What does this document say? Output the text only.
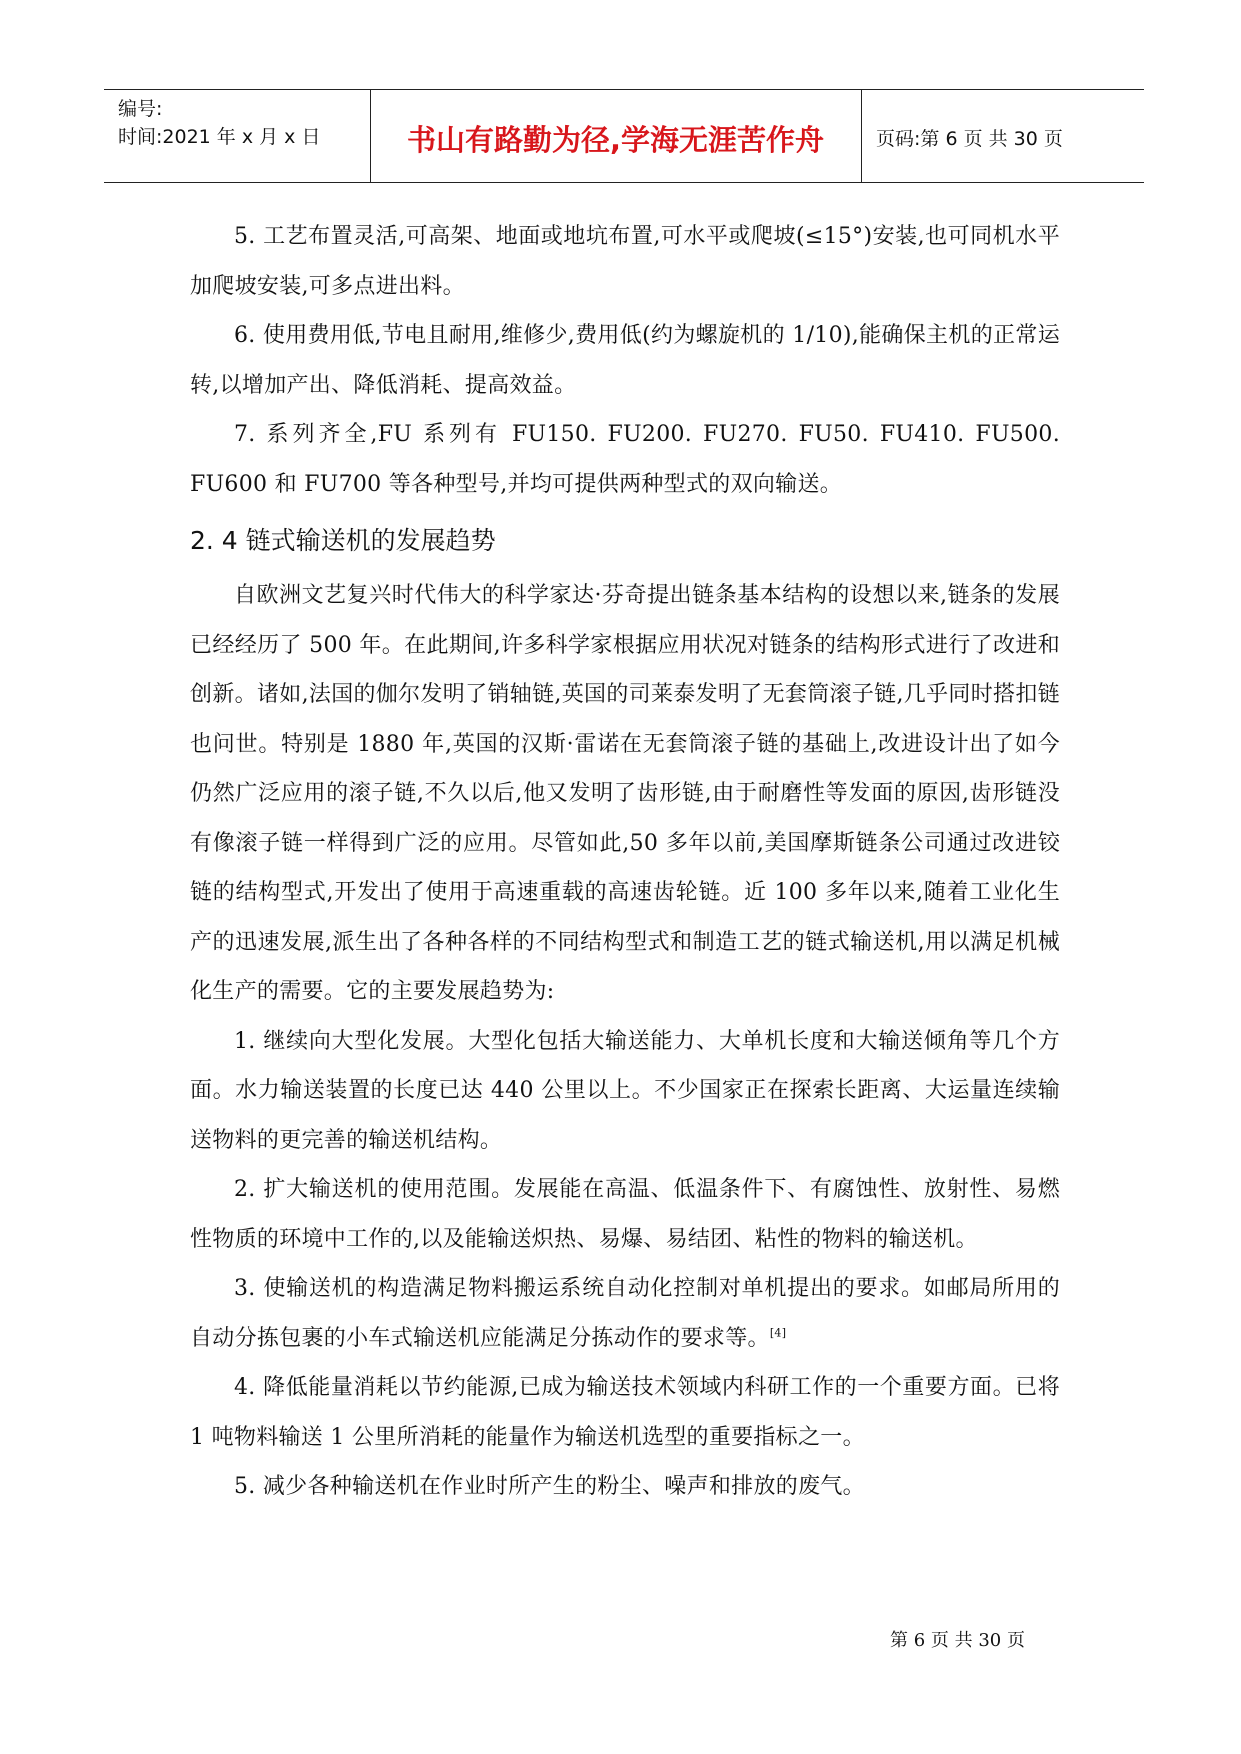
编号:
时间:2021 年 x 月 x 日	书山有路勤为径,学海无涯苦作舟	页码:第 6 页 共 30 页

5. 工艺布置灵活,可高架、地面或地坑布置,可水平或爬坡(≤15°)安装,也可同机水平加爬坡安装,可多点进出料。

6. 使用费用低,节电且耐用,维修少,费用低(约为螺旋机的 1/10),能确保主机的正常运转,以增加产出、降低消耗、提高效益。

7. 系列齐全,FU 系列有 FU150. FU200. FU270. FU50. FU410. FU500. FU600 和 FU700 等各种型号,并均可提供两种型式的双向输送。

2. 4 链式输送机的发展趋势

自欧洲文艺复兴时代伟大的科学家达·芬奇提出链条基本结构的设想以来,链条的发展已经经历了 500 年。在此期间,许多科学家根据应用状况对链条的结构形式进行了改进和创新。诸如,法国的伽尔发明了销轴链,英国的司莱泰发明了无套筒滚子链,几乎同时搭扣链也问世。特别是 1880 年,英国的汉斯·雷诺在无套筒滚子链的基础上,改进设计出了如今仍然广泛应用的滚子链,不久以后,他又发明了齿形链,由于耐磨性等发面的原因,齿形链没有像滚子链一样得到广泛的应用。尽管如此,50 多年以前,美国摩斯链条公司通过改进铰链的结构型式,开发出了使用于高速重载的高速齿轮链。近 100 多年以来,随着工业化生产的迅速发展,派生出了各种各样的不同结构型式和制造工艺的链式输送机,用以满足机械化生产的需要。它的主要发展趋势为:

1. 继续向大型化发展。大型化包括大输送能力、大单机长度和大输送倾角等几个方面。水力输送装置的长度已达 440 公里以上。不少国家正在探索长距离、大运量连续输送物料的更完善的输送机结构。

2. 扩大输送机的使用范围。发展能在高温、低温条件下、有腐蚀性、放射性、易燃性物质的环境中工作的,以及能输送炽热、易爆、易结团、粘性的物料的输送机。

3. 使输送机的构造满足物料搬运系统自动化控制对单机提出的要求。如邮局所用的自动分拣包裹的小车式输送机应能满足分拣动作的要求等。[4]

4. 降低能量消耗以节约能源,已成为输送技术领域内科研工作的一个重要方面。已将 1 吨物料输送 1 公里所消耗的能量作为输送机选型的重要指标之一。

5. 减少各种输送机在作业时所产生的粉尘、噪声和排放的废气。

第 6 页 共 30 页
